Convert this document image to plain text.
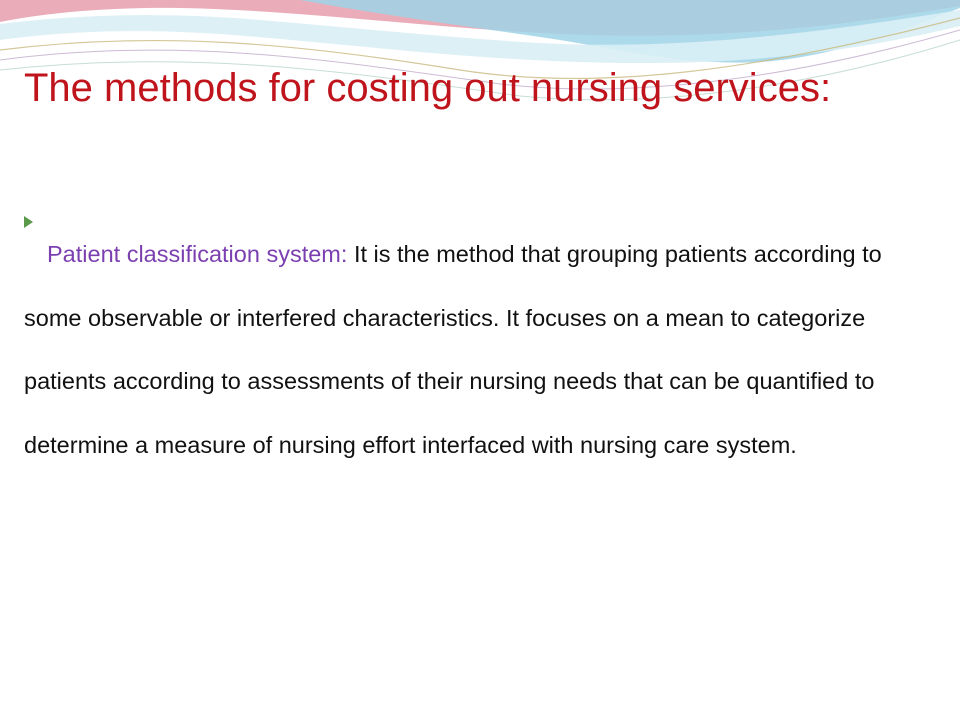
The methods for costing out nursing services:

Patient classification system: It is the method that grouping patients according to some observable or interfered characteristics. It focuses on a mean to categorize patients according to assessments of their nursing needs that can be quantified to determine a measure of nursing effort interfaced with nursing care system.
